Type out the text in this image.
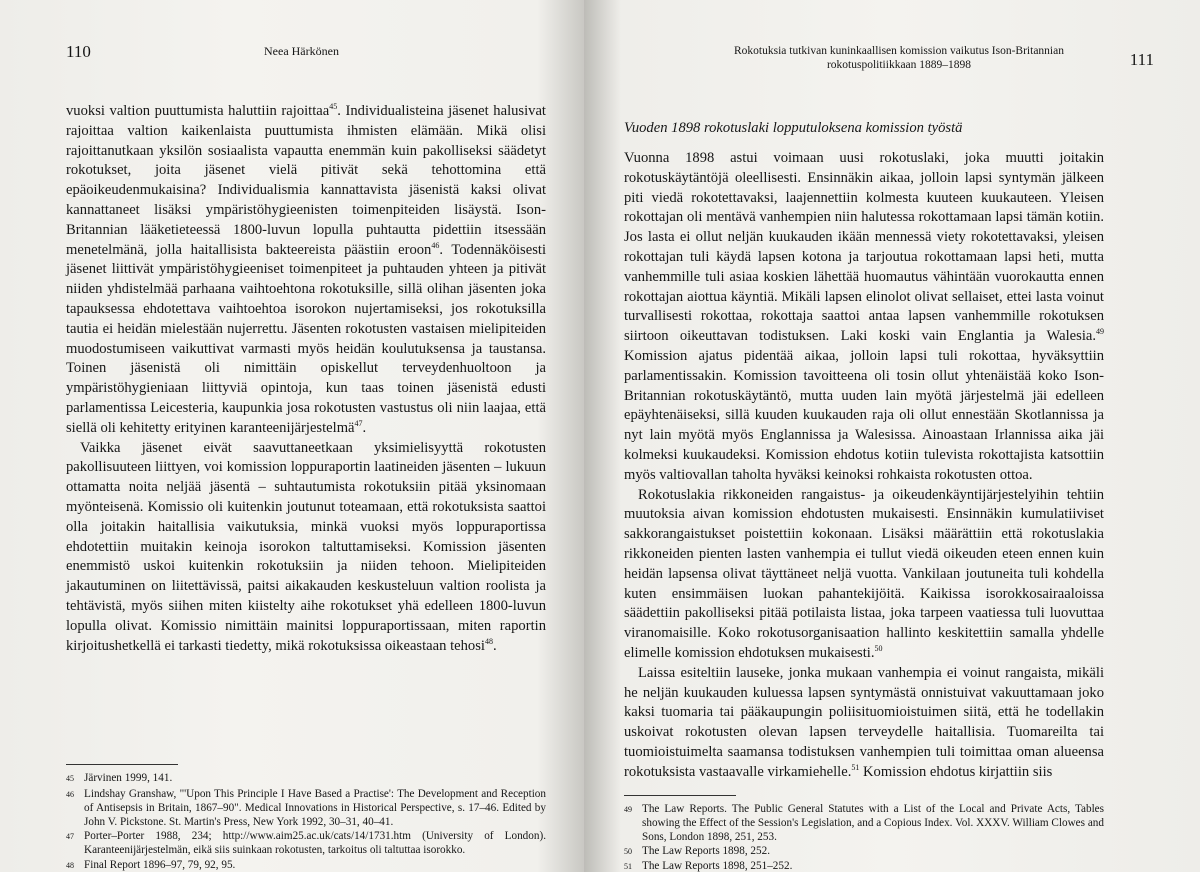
110	Neea Härkönen

vuoksi valtion puuttumista haluttiin rajoittaa$^{45}$. Individualisteina jäsenet halusivat rajoittaa valtion kaikenlaista puuttumista ihmisten elämään. Mikä olisi rajoittanutkaan yksilön sosiaalista vapautta enemmän kuin pakolliseksi säädetyt rokotukset, joita jäsenet vielä pitivät sekä tehottomina että epäoikeudenmukaisina? Individualismia kannattavista jäsenistä kaksi olivat kannattaneet lisäksi ympäristöhygieenisten toimenpiteiden lisäystä. Ison-Britannian lääketieteessä 1800-luvun lopulla puhtautta pidettiin itsessään menetelmänä, jolla haitallisista bakteereista päästiin eroon$^{46}$. Todennäköisesti jäsenet liittivät ympäristöhygieeniset toimenpiteet ja puhtauden yhteen ja pitivät niiden yhdistelmää parhaana vaihtoehtona rokotuksille, sillä olihan jäsenten joka tapauksessa ehdotettava vaihtoehtoa isorokon nujertamiseksi, jos rokotuksilla tautia ei heidän mielestään nujerrettu. Jäsenten rokotusten vastaisen mielipiteiden muodostumiseen vaikuttivat varmasti myös heidän koulutuksensa ja taustansa. Toinen jäsenistä oli nimittäin opiskellut terveydenhuoltoon ja ympäristöhygieniaan liittyviä opintoja, kun taas toinen jäsenistä edusti parlamentissa Leicesteria, kaupunkia josa rokotusten vastustus oli niin laajaa, että siellä oli kehitetty erityinen karanteenijärjestelmä$^{47}$.

Vaikka jäsenet eivät saavuttaneetkaan yksimielisyyttä rokotusten pakollisuuteen liittyen, voi komission loppuraportin laatineiden jäsenten – lukuun ottamatta noita neljää jäsentä – suhtautumista rokotuksiin pitää yksinomaan myönteisenä. Komissio oli kuitenkin joutunut toteamaan, että rokotuksista saattoi olla joitakin haitallisia vaikutuksia, minkä vuoksi myös loppuraportissa ehdotettiin muitakin keinoja isorokon taltuttamiseksi. Komission jäsenten enemmistö uskoi kuitenkin rokotuksiin ja niiden tehoon. Mielipiteiden jakautuminen on liitettävissä, paitsi aikakauden keskusteluun valtion roolista ja tehtävistä, myös siihen miten kiistelty aihe rokotukset yhä edelleen 1800-luvun lopulla olivat. Komissio nimittäin mainitsi loppuraportissaan, miten raportin kirjoitushetkellä ei tarkasti tiedetty, mikä rokotuksissa oikeastaan tehosi$^{48}$.

45 Järvinen 1999, 141.
46 Lindshay Granshaw, "'Upon This Principle I Have Based a Practise': The Development and Reception of Antisepsis in Britain, 1867–90". Medical Innovations in Historical Perspective, s. 17–46. Edited by John V. Pickstone. St. Martin's Press, New York 1992, 30–31, 40–41.
47 Porter–Porter 1988, 234; http://www.aim25.ac.uk/cats/14/1731.htm (University of London). Karanteenijärjestelmän, eikä siis suinkaan rokotusten, tarkoitus oli taltuttaa isorokko.
48 Final Report 1896–97, 79, 92, 95.
Rokotuksia tutkivan kuninkaallisen komission vaikutus Ison-Britannian
rokotuspolitiikkaan 1889–1898	111
Vuoden 1898 rokotuslaki lopputuloksena komission työstä

Vuonna 1898 astui voimaan uusi rokotuslaki, joka muutti joitakin rokotuskäytäntöjä oleellisesti. Ensinnäkin aikaa, jolloin lapsi syntymän jälkeen piti viedä rokotettavaksi, laajennettiin kolmesta kuuteen kuukauteen. Yleisen rokottajan oli mentävä vanhempien niin halutessa rokottamaan lapsi tämän kotiin. Jos lasta ei ollut neljän kuukauden ikään mennessä viety rokotettavaksi, yleisen rokottajan tuli käydä lapsen kotona ja tarjoutua rokottamaan lapsi heti, mutta vanhemmille tuli asiaa koskien lähettää huomautus vähintään vuorokautta ennen rokottajan aiottua käyntiä. Mikäli lapsen elinolot olivat sellaiset, ettei lasta voinut turvallisesti rokottaa, rokottaja saattoi antaa lapsen vanhemmille rokotuksen siirtoon oikeuttavan todistuksen. Laki koski vain Englantia ja Walesia.$^{49}$ Komission ajatus pidentää aikaa, jolloin lapsi tuli rokottaa, hyväksyttiin parlamentissakin. Komission tavoitteena oli tosin ollut yhtenäistää koko Ison-Britannian rokotuskäytäntö, mutta uuden lain myötä järjestelmä jäi edelleen epäyhtenäiseksi, sillä kuuden kuukauden raja oli ollut ennestään Skotlannissa ja nyt lain myötä myös Englannissa ja Walesissa. Ainoastaan Irlannissa aika jäi kolmeksi kuukaudeksi. Komission ehdotus kotiin tulevista rokottajista katsottiin myös valtiovallan taholta hyväksi keinoksi rohkaista rokotusten ottoa.

Rokotuslakia rikkoneiden rangaistus- ja oikeudenkäyntijärjestelyihin tehtiin muutoksia aivan komission ehdotusten mukaisesti. Ensinnäkin kumulatiiviset sakkorangaistukset poistettiin kokonaan. Lisäksi määrättiin että rokotuslakia rikkoneiden pienten lasten vanhempia ei tullut viedä oikeuden eteen ennen kuin heidän lapsensa olivat täyttäneet neljä vuotta. Vankilaan joutuneita tuli kohdella kuten ensimmäisen luokan pahantekijöitä. Kaikissa isorokkosairaaloissa säädettiin pakolliseksi pitää potilaista listaa, joka tarpeen vaatiessa tuli luovuttaa viranomaisille. Koko rokotusorganisaation hallinto keskitettiin samalla yhdelle elimelle komission ehdotuksen mukaisesti.$^{50}$

Laissa esiteltiin lauseke, jonka mukaan vanhempia ei voinut rangaista, mikäli he neljän kuukauden kuluessa lapsen syntymästä onnistuivat vakuuttamaan joko kaksi tuomaria tai pääkaupungin poliisituomioistuimen siitä, että he todellakin uskoivat rokotusten olevan lapsen terveydelle haitallisia. Tuomareilta tai tuomioistuimelta saamansa todistuksen vanhempien tuli toimittaa oman alueensa rokotuksista vastaavalle virkamiehelle.$^{51}$ Komission ehdotus kirjattiin siis

49 The Law Reports. The Public General Statutes with a List of the Local and Private Acts, Tables showing the Effect of the Session's Legislation, and a Copious Index. Vol. XXXV. William Clowes and Sons, London 1898, 251, 253.
50 The Law Reports 1898, 252.
51 The Law Reports 1898, 251–252.
